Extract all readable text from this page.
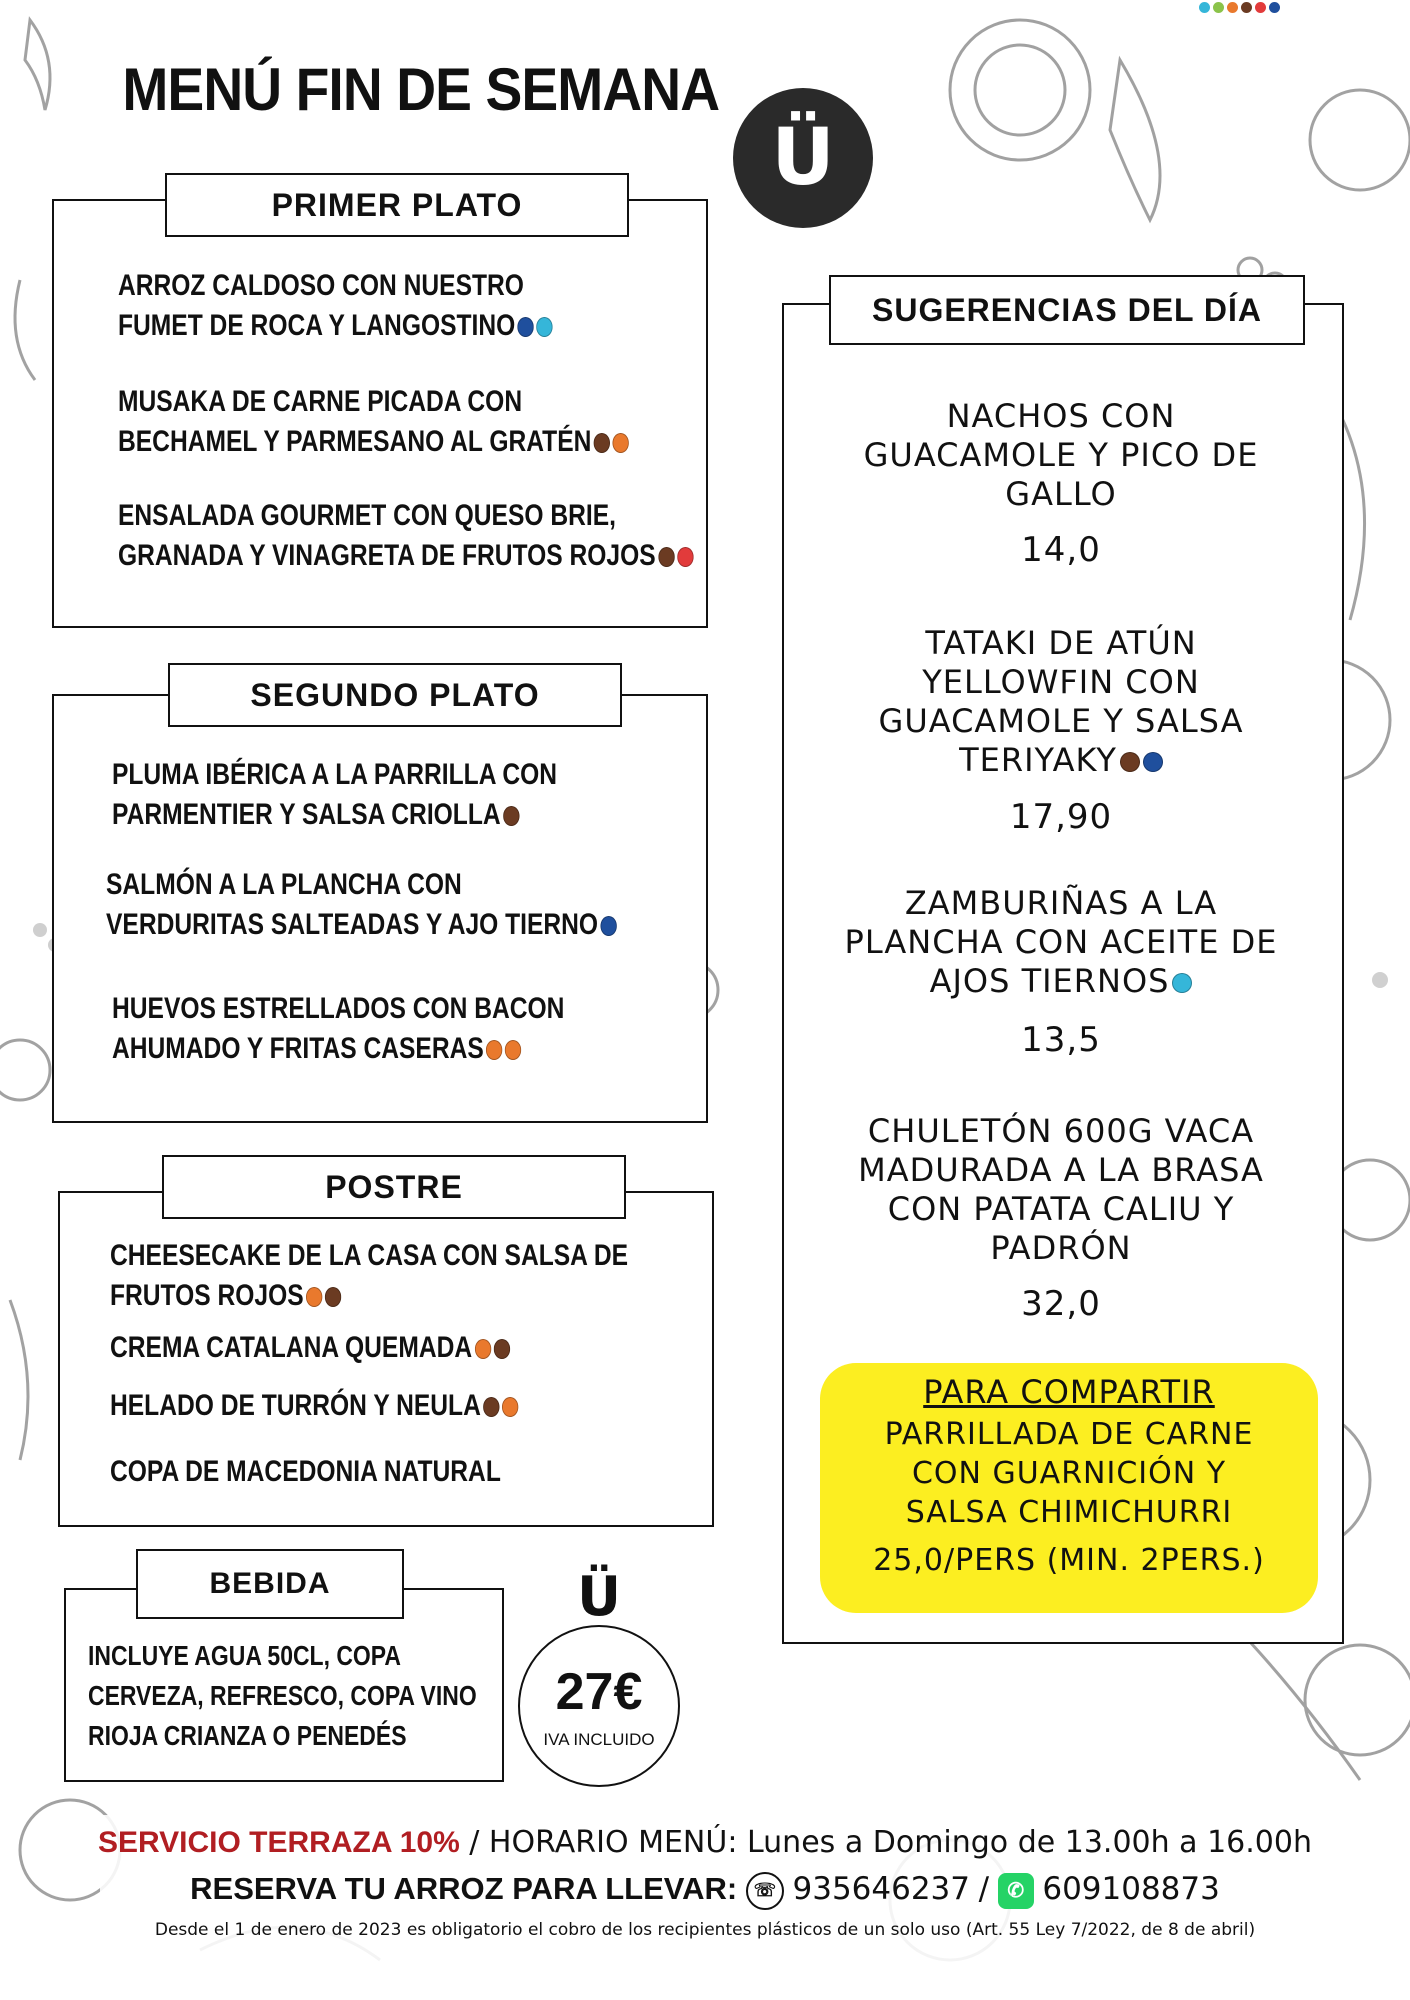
MENÚ FIN DE SEMANA
Ü
PRIMER PLATO
ARROZ CALDOSO CON NUESTRO
FUMET DE ROCA Y LANGOSTINO
MUSAKA DE CARNE PICADA CON
BECHAMEL Y PARMESANO AL GRATÉN
ENSALADA GOURMET CON QUESO BRIE,
GRANADA Y VINAGRETA DE FRUTOS ROJOS
SEGUNDO PLATO
PLUMA IBÉRICA A LA PARRILLA CON
PARMENTIER Y SALSA CRIOLLA
SALMÓN A LA PLANCHA CON
VERDURITAS SALTEADAS Y AJO TIERNO
HUEVOS ESTRELLADOS CON BACON
AHUMADO Y FRITAS CASERAS
POSTRE
CHEESECAKE DE LA CASA CON SALSA DE
FRUTOS ROJOS
CREMA CATALANA QUEMADA
HELADO DE TURRÓN Y NEULA
COPA DE MACEDONIA NATURAL
BEBIDA
INCLUYE AGUA 50CL, COPA
CERVEZA, REFRESCO, COPA VINO
RIOJA CRIANZA O PENEDÉS
Ü
27€
IVA INCLUIDO
SUGERENCIAS DEL DÍA
NACHOS CON
GUACAMOLE Y PICO DE
GALLO
14,0
TATAKI DE ATÚN
YELLOWFIN CON
GUACAMOLE Y SALSA
TERIYAKY
17,90
ZAMBURIÑAS A LA
PLANCHA CON ACEITE DE
AJOS TIERNOS
13,5
CHULETÓN 600G VACA
MADURADA A LA BRASA
CON PATATA CALIU Y
PADRÓN
32,0
PARA COMPARTIR
PARRILLADA DE CARNE
CON GUARNICIÓN Y
SALSA CHIMICHURRI
25,0/PERS (MIN. 2PERS.)
SERVICIO TERRAZA 10% / HORARIO MENÚ: Lunes a Domingo de 13.00h a 16.00h
RESERVA TU ARROZ PARA LLEVAR: ☏ 935646237 / ✆ 609108873
Desde el 1 de enero de 2023 es obligatorio el cobro de los recipientes plásticos de un solo uso (Art. 55 Ley 7/2022, de 8 de abril)
